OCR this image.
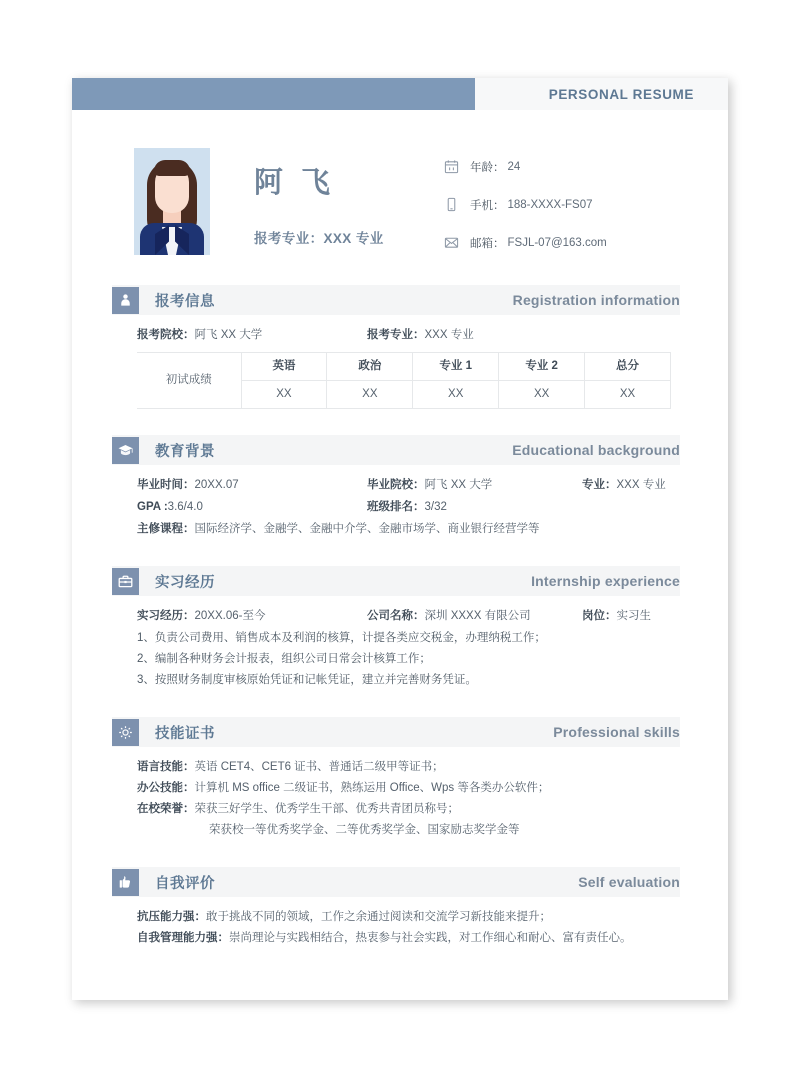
PERSONAL RESUME
阿 飞
报考专业：XXX 专业
年龄： 24
手机： 188-XXXX-FS07
邮箱： FSJL-07@163.com
报考信息	Registration information
报考院校：阿飞 XX 大学	报考专业：XXX 专业
初试成绩	英语	政治	专业 1	专业 2	总分
	XX	XX	XX	XX	XX
教育背景	Educational background
毕业时间：20XX.07	毕业院校：阿飞 XX 大学	专业：XXX 专业
GPA :3.6/4.0	班级排名：3/32
主修课程：国际经济学、金融学、金融中介学、金融市场学、商业银行经营学等
实习经历	Internship experience
实习经历：20XX.06-至今	公司名称：深圳 XXXX 有限公司	岗位：实习生
1、负责公司费用、销售成本及利润的核算，计提各类应交税金，办理纳税工作；
2、编制各种财务会计报表，组织公司日常会计核算工作；
3、按照财务制度审核原始凭证和记帐凭证，建立并完善财务凭证。
技能证书	Professional skills
语言技能：英语 CET4、CET6 证书、普通话二级甲等证书；
办公技能：计算机 MS office 二级证书，熟练运用 Office、Wps 等各类办公软件；
在校荣誉：荣获三好学生、优秀学生干部、优秀共青团员称号；
荣获校一等优秀奖学金、二等优秀奖学金、国家励志奖学金等
自我评价	Self evaluation
抗压能力强：敢于挑战不同的领域，工作之余通过阅读和交流学习新技能来提升；
自我管理能力强：崇尚理论与实践相结合，热衷参与社会实践，对工作细心和耐心、富有责任心。
